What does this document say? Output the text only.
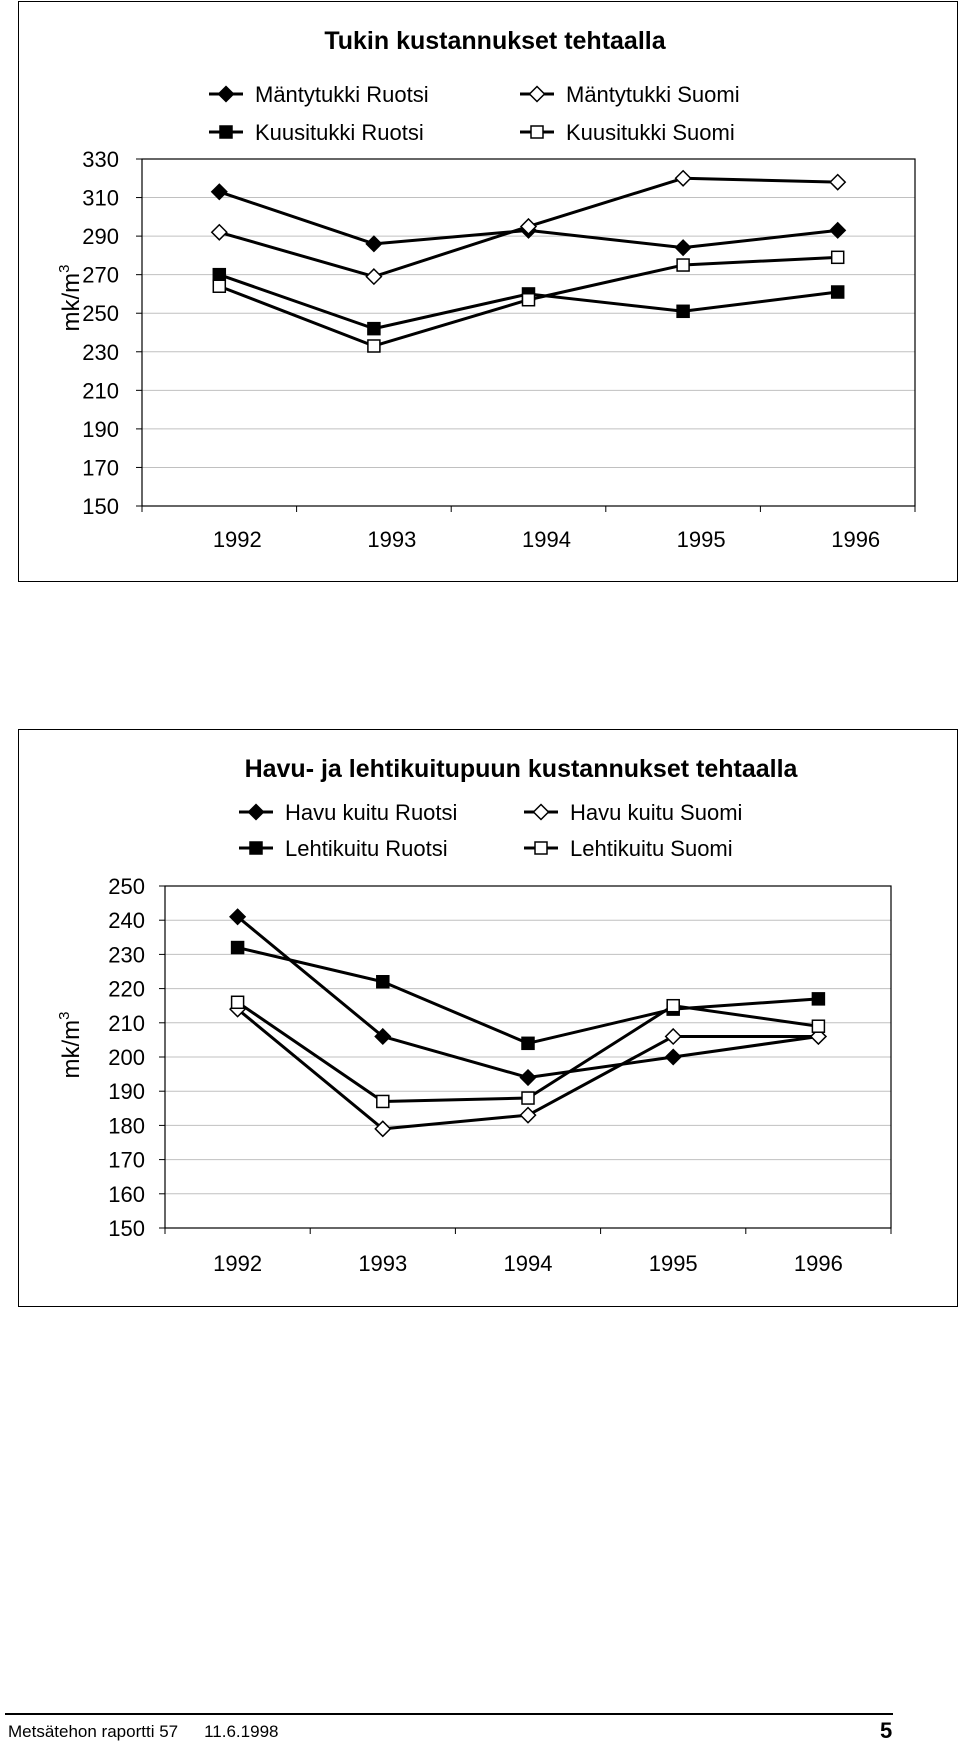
Tukin kustannukset tehtaalla
150
170
190
210
230
250
270
290
310
330
1992	1993	1994	1995	1996
$mk/m^3$
Mäntytukki Ruotsi	Mäntytukki Suomi
Kuusitukki Ruotsi	Kuusitukki Suomi
Havu- ja lehtikuitupuun kustannukset tehtaalla
150
160
170
180
190
200
210
220
230
240
250
1992	1993	1994	1995	1996
$mk/m^3$
Havu kuitu Ruotsi	Havu kuitu Suomi
Lehtikuitu Ruotsi	Lehtikuitu Suomi
Metsätehon raportti 57 11.6.1998	5
